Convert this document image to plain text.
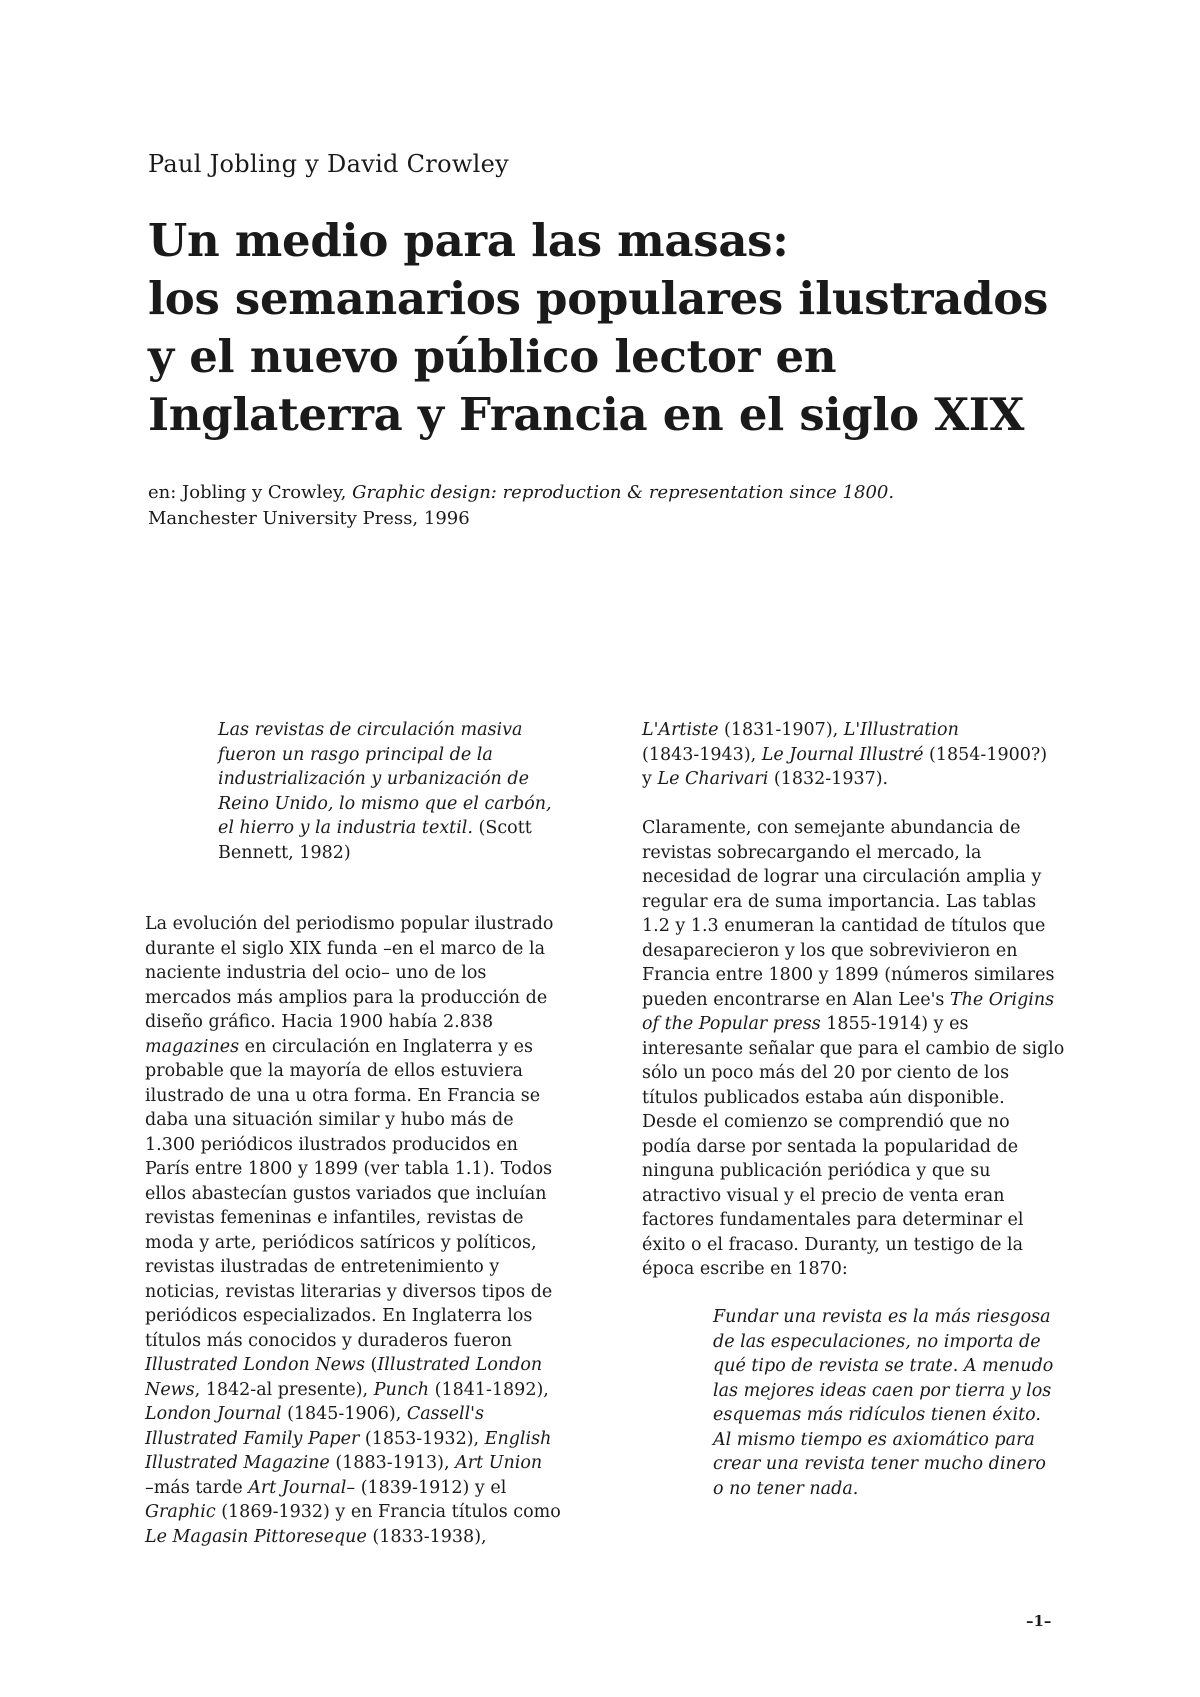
Paul Jobling y David Crowley
Un medio para las masas:
los semanarios populares ilustrados
y el nuevo público lector en
Inglaterra y Francia en el siglo XIX
en: Jobling y Crowley, Graphic design: reproduction & representation since 1800.
Manchester University Press, 1996
Las revistas de circulación masiva
fueron un rasgo principal de la
industrialización y urbanización de
Reino Unido, lo mismo que el carbón,
el hierro y la industria textil. (Scott
Bennett, 1982)
La evolución del periodismo popular ilustrado
durante el siglo XIX funda –en el marco de la
naciente industria del ocio– uno de los
mercados más amplios para la producción de
diseño gráfico. Hacia 1900 había 2.838
magazines en circulación en Inglaterra y es
probable que la mayoría de ellos estuviera
ilustrado de una u otra forma. En Francia se
daba una situación similar y hubo más de
1.300 periódicos ilustrados producidos en
París entre 1800 y 1899 (ver tabla 1.1). Todos
ellos abastecían gustos variados que incluían
revistas femeninas e infantiles, revistas de
moda y arte, periódicos satíricos y políticos,
revistas ilustradas de entretenimiento y
noticias, revistas literarias y diversos tipos de
periódicos especializados. En Inglaterra los
títulos más conocidos y duraderos fueron
Illustrated London News (Illustrated London
News, 1842-al presente), Punch (1841-1892),
London Journal (1845-1906), Cassell's
Illustrated Family Paper (1853-1932), English
Illustrated Magazine (1883-1913), Art Union
–más tarde Art Journal– (1839-1912) y el
Graphic (1869-1932) y en Francia títulos como
Le Magasin Pittoreseque (1833-1938),
L'Artiste (1831-1907), L'Illustration
(1843-1943), Le Journal Illustré (1854-1900?)
y Le Charivari (1832-1937).
Claramente, con semejante abundancia de
revistas sobrecargando el mercado, la
necesidad de lograr una circulación amplia y
regular era de suma importancia. Las tablas
1.2 y 1.3 enumeran la cantidad de títulos que
desaparecieron y los que sobrevivieron en
Francia entre 1800 y 1899 (números similares
pueden encontrarse en Alan Lee's The Origins
of the Popular press 1855-1914) y es
interesante señalar que para el cambio de siglo
sólo un poco más del 20 por ciento de los
títulos publicados estaba aún disponible.
Desde el comienzo se comprendió que no
podía darse por sentada la popularidad de
ninguna publicación periódica y que su
atractivo visual y el precio de venta eran
factores fundamentales para determinar el
éxito o el fracaso. Duranty, un testigo de la
época escribe en 1870:
Fundar una revista es la más riesgosa
de las especulaciones, no importa de
qué tipo de revista se trate. A menudo
las mejores ideas caen por tierra y los
esquemas más ridículos tienen éxito.
Al mismo tiempo es axiomático para
crear una revista tener mucho dinero
o no tener nada.
–1–
